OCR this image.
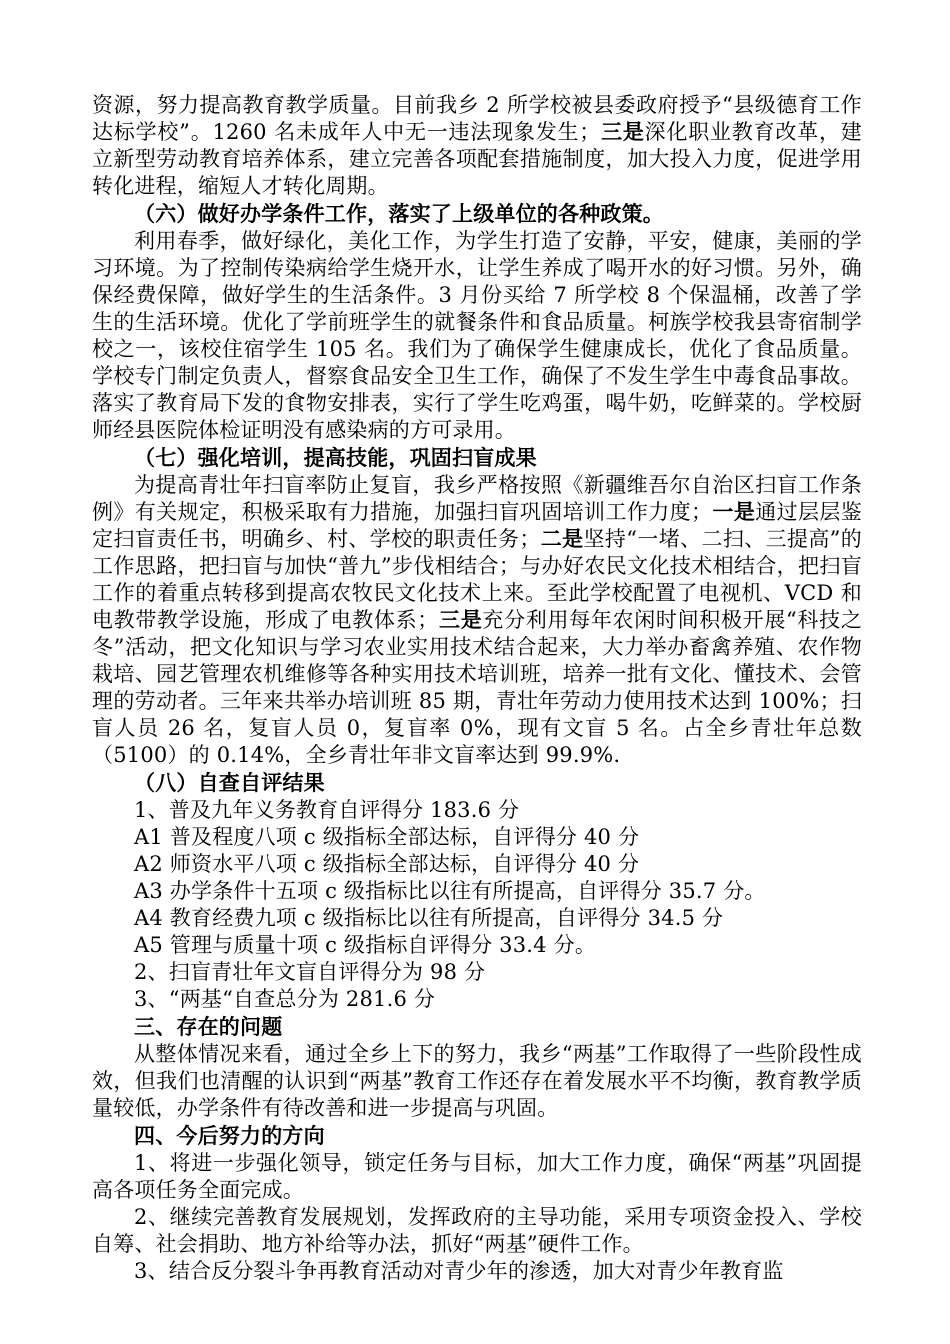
资源，努力提高教育教学质量。目前我乡 2 所学校被县委政府授予“县级德育工作达标学校”。1260 名未成年人中无一违法现象发生；三是深化职业教育改革，建立新型劳动教育培养体系，建立完善各项配套措施制度，加大投入力度，促进学用转化进程，缩短人才转化周期。

（六）做好办学条件工作，落实了上级单位的各种政策。

利用春季，做好绿化，美化工作，为学生打造了安静，平安，健康，美丽的学习环境。为了控制传染病给学生烧开水，让学生养成了喝开水的好习惯。另外，确保经费保障，做好学生的生活条件。3 月份买给 7 所学校 8 个保温桶，改善了学生的生活环境。优化了学前班学生的就餐条件和食品质量。柯族学校我县寄宿制学校之一，该校住宿学生 105 名。我们为了确保学生健康成长，优化了食品质量。学校专门制定负责人，督察食品安全卫生工作，确保了不发生学生中毒食品事故。落实了教育局下发的食物安排表，实行了学生吃鸡蛋，喝牛奶，吃鲜菜的。学校厨师经县医院体检证明没有感染病的方可录用。

（七）强化培训，提高技能，巩固扫盲成果

为提高青壮年扫盲率防止复盲，我乡严格按照《新疆维吾尔自治区扫盲工作条例》有关规定，积极采取有力措施，加强扫盲巩固培训工作力度；一是通过层层鉴定扫盲责任书，明确乡、村、学校的职责任务；二是坚持“一堵、二扫、三提高”的工作思路，把扫盲与加快“普九”步伐相结合；与办好农民文化技术相结合，把扫盲工作的着重点转移到提高农牧民文化技术上来。至此学校配置了电视机、VCD 和电教带教学设施，形成了电教体系；三是充分利用每年农闲时间积极开展“科技之冬”活动，把文化知识与学习农业实用技术结合起来，大力举办畜禽养殖、农作物栽培、园艺管理农机维修等各种实用技术培训班，培养一批有文化、懂技术、会管理的劳动者。三年来共举办培训班 85 期，青壮年劳动力使用技术达到 100%；扫盲人员 26 名，复盲人员 0，复盲率 0%，现有文盲 5 名。占全乡青壮年总数（5100）的 0.14%，全乡青壮年非文盲率达到 99.9%.

（八）自查自评结果

1、普及九年义务教育自评得分 183.6 分

A1 普及程度八项 c 级指标全部达标，自评得分 40 分

A2 师资水平八项 c 级指标全部达标，自评得分 40 分

A3 办学条件十五项 c 级指标比以往有所提高，自评得分 35.7 分。

A4 教育经费九项 c 级指标比以往有所提高，自评得分 34.5 分

A5 管理与质量十项 c 级指标自评得分 33.4 分。

2、扫盲青壮年文盲自评得分为 98 分

3、“两基“自查总分为 281.6 分

三、存在的问题

从整体情况来看，通过全乡上下的努力，我乡“两基”工作取得了一些阶段性成效，但我们也清醒的认识到“两基”教育工作还存在着发展水平不均衡，教育教学质量较低，办学条件有待改善和进一步提高与巩固。

四、今后努力的方向

1、将进一步强化领导，锁定任务与目标，加大工作力度，确保“两基”巩固提高各项任务全面完成。

2、继续完善教育发展规划，发挥政府的主导功能，采用专项资金投入、学校自筹、社会捐助、地方补给等办法，抓好“两基”硬件工作。

3、结合反分裂斗争再教育活动对青少年的渗透，加大对青少年教育监
